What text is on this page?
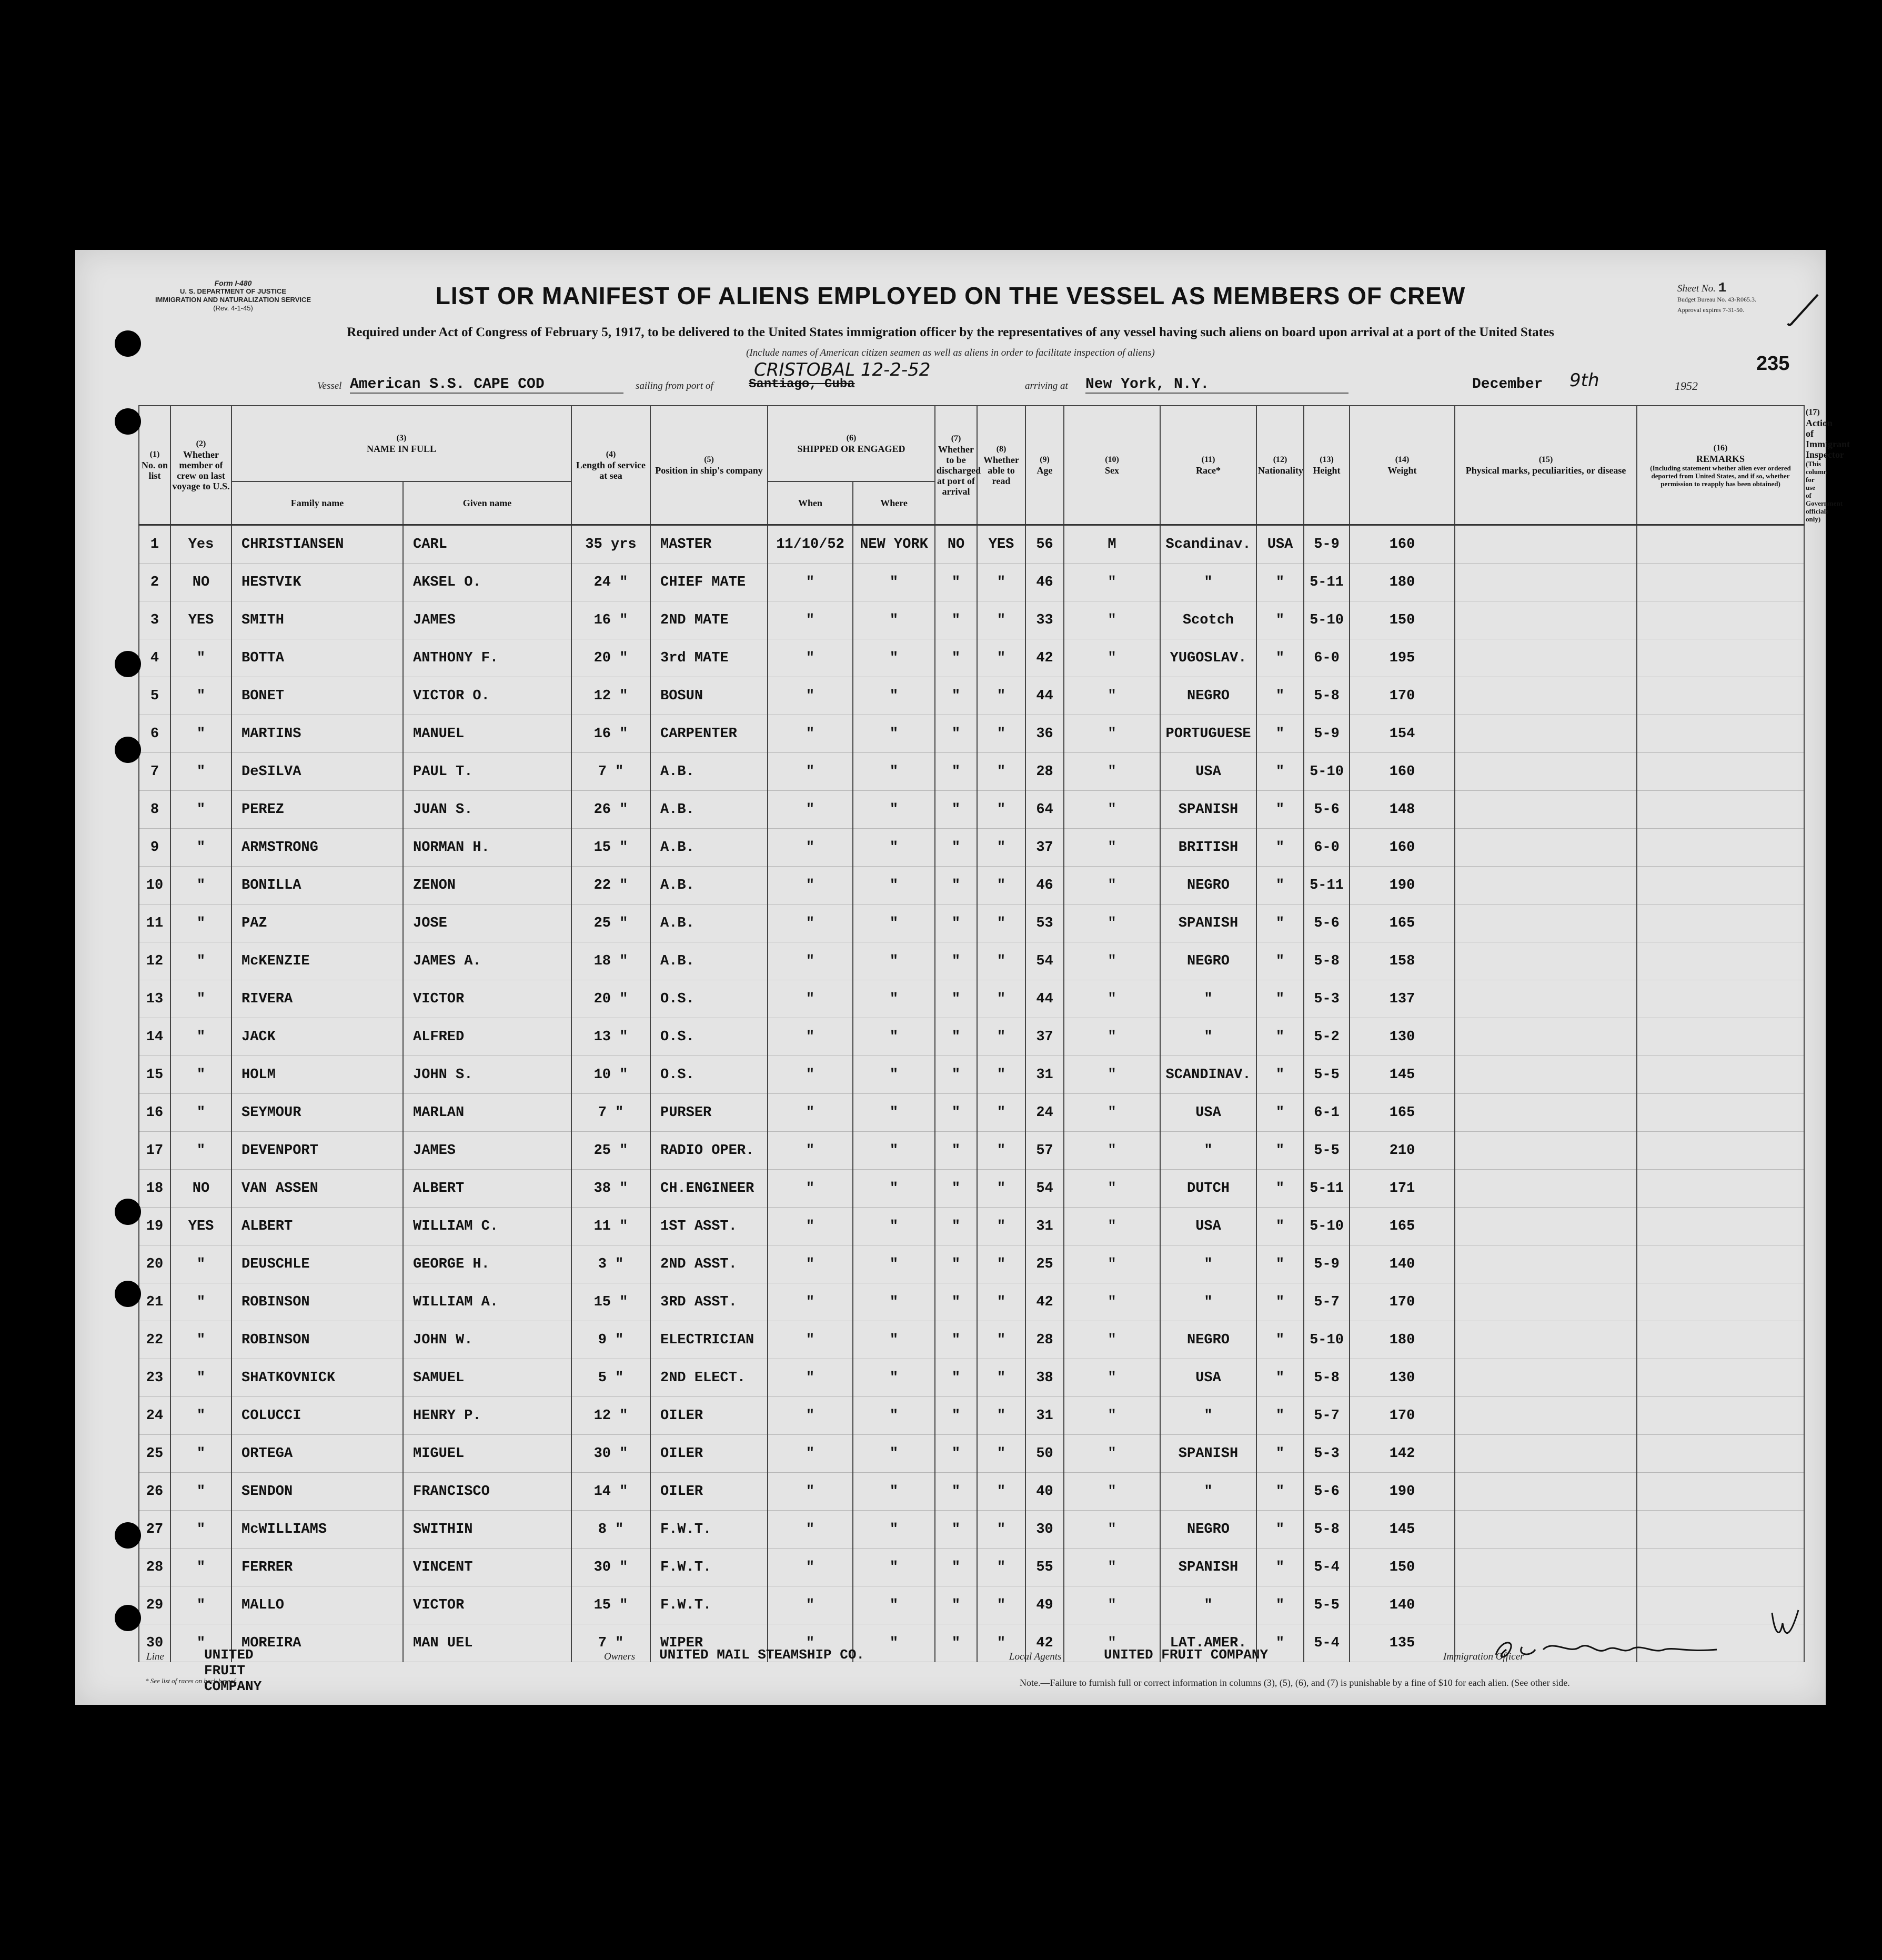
Form I-480
U. S. DEPARTMENT OF JUSTICE
IMMIGRATION AND NATURALIZATION SERVICE
(Rev. 4-1-45)	LIST OR MANIFEST OF ALIENS EMPLOYED ON THE VESSEL AS MEMBERS OF CREW
Required under Act of Congress of February 5, 1917, to be delivered to the United States immigration officer by the representatives of any vessel having such aliens on board upon arrival at a port of the United States
(Include names of American citizen seamen as well as aliens in order to facilitate inspection of aliens)
Sheet No. 1
Budget Bureau No. 43-R065.3.
Approval expires 7-31-50.
235
Vessel American S.S. CAPE COD	sailing from port of	Santiago, Cuba
CRISTOBAL 12-2-52
arriving at New York, N.Y.	December 9th	1952
(1)
No. on list	(2)
Whether member of crew on last voyage to U.S.	(3)
NAME IN FULL		(4)
Length of service at sea	(5)
Position in ship's company	(6)
SHIPPED OR ENGAGED		(7)
Whether to be discharged at port of arrival	(8)
Whether able to read	(9)
Age	(10)
Sex	(11)
Race*	(12)
Nationality	(13)
Height	(14)
Weight	(15)
Physical marks, peculiarities, or disease	(16)
REMARKS
(Including statement whether alien ever ordered deported from United States, and if so, whether permission to reapply has been obtained)	(17)
Action of Immigrant Inspector
(This column for use of Government officials only)

		Family name	Given name			When	Where											
1	Yes	CHRISTIANSEN	CARL	35 yrs	MASTER	11/10/52	NEW YORK	NO	YES	56	M	Scandinav.	USA	5-9	160			
2	NO	HESTVIK	AKSEL O.	24 "	CHIEF MATE	"	"	"	"	46	"	"	"	5-11	180			
3	YES	SMITH	JAMES	16 "	2ND MATE	"	"	"	"	33	"	Scotch	"	5-10	150			
4	"	BOTTA	ANTHONY F.	20 "	3rd MATE	"	"	"	"	42	"	YUGOSLAV.	"	6-0	195			
5	"	BONET	VICTOR O.	12 "	BOSUN	"	"	"	"	44	"	NEGRO	"	5-8	170			
6	"	MARTINS	MANUEL	16 "	CARPENTER	"	"	"	"	36	"	PORTUGUESE	"	5-9	154			
7	"	DeSILVA	PAUL T.	7 "	A.B.	"	"	"	"	28	"	USA	"	5-10	160			
8	"	PEREZ	JUAN S.	26 "	A.B.	"	"	"	"	64	"	SPANISH	"	5-6	148			
9	"	ARMSTRONG	NORMAN H.	15 "	A.B.	"	"	"	"	37	"	BRITISH	"	6-0	160			
10	"	BONILLA	ZENON	22 "	A.B.	"	"	"	"	46	"	NEGRO	"	5-11	190			
11	"	PAZ	JOSE	25 "	A.B.	"	"	"	"	53	"	SPANISH	"	5-6	165			
12	"	McKENZIE	JAMES A.	18 "	A.B.	"	"	"	"	54	"	NEGRO	"	5-8	158			
13	"	RIVERA	VICTOR	20 "	O.S.	"	"	"	"	44	"	"	"	5-3	137			
14	"	JACK	ALFRED	13 "	O.S.	"	"	"	"	37	"	"	"	5-2	130			
15	"	HOLM	JOHN S.	10 "	O.S.	"	"	"	"	31	"	SCANDINAV.	"	5-5	145			
16	"	SEYMOUR	MARLAN	7 "	PURSER	"	"	"	"	24	"	USA	"	6-1	165			
17	"	DEVENPORT	JAMES	25 "	RADIO OPER.	"	"	"	"	57	"	"	"	5-5	210			
18	NO	VAN ASSEN	ALBERT	38 "	CH.ENGINEER	"	"	"	"	54	"	DUTCH	"	5-11	171			
19	YES	ALBERT	WILLIAM C.	11 "	1ST ASST.	"	"	"	"	31	"	USA	"	5-10	165			
20	"	DEUSCHLE	GEORGE H.	3 "	2ND ASST.	"	"	"	"	25	"	"	"	5-9	140			
21	"	ROBINSON	WILLIAM A.	15 "	3RD ASST.	"	"	"	"	42	"	"	"	5-7	170			
22	"	ROBINSON	JOHN W.	9 "	ELECTRICIAN	"	"	"	"	28	"	NEGRO	"	5-10	180			
23	"	SHATKOVNICK	SAMUEL	5 "	2ND ELECT.	"	"	"	"	38	"	USA	"	5-8	130			
24	"	COLUCCI	HENRY P.	12 "	OILER	"	"	"	"	31	"	"	"	5-7	170			
25	"	ORTEGA	MIGUEL	30 "	OILER	"	"	"	"	50	"	SPANISH	"	5-3	142			
26	"	SENDON	FRANCISCO	14 "	OILER	"	"	"	"	40	"	"	"	5-6	190			
27	"	McWILLIAMS	SWITHIN	8 "	F.W.T.	"	"	"	"	30	"	NEGRO	"	5-8	145			
28	"	FERRER	VINCENT	30 "	F.W.T.	"	"	"	"	55	"	SPANISH	"	5-4	150			
29	"	MALLO	VICTOR	15 "	F.W.T.	"	"	"	"	49	"	"	"	5-5	140			
30	"	MOREIRA	MAN UEL	7 "	WIPER	"	"	"	"	42	"	LAT.AMER.	"	5-4	135			
Line	UNITED FRUIT COMPANY
Owners UNITED MAIL STEAMSHIP CO.	Local Agents	UNITED FRUIT COMPANY	Immigration Officer
* See list of races on back hereof.	Note.—Failure to furnish full or correct information in columns (3), (5), (6), and (7) is punishable by a fine of $10 for each alien. (See other side.
